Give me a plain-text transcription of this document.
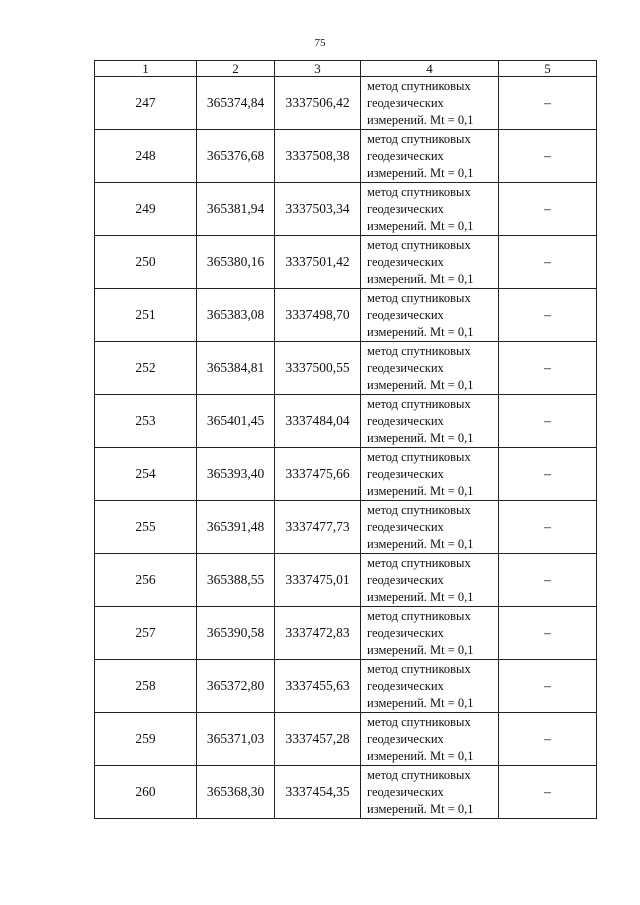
75
1	2	3	4	5
247	365374,84	3337506,42	метод спутниковых
геодезических
измерений. Mt = 0,1	–
248	365376,68	3337508,38	метод спутниковых
геодезических
измерений. Mt = 0,1	–
249	365381,94	3337503,34	метод спутниковых
геодезических
измерений. Mt = 0,1	–
250	365380,16	3337501,42	метод спутниковых
геодезических
измерений. Mt = 0,1	–
251	365383,08	3337498,70	метод спутниковых
геодезических
измерений. Mt = 0,1	–
252	365384,81	3337500,55	метод спутниковых
геодезических
измерений. Mt = 0,1	–
253	365401,45	3337484,04	метод спутниковых
геодезических
измерений. Mt = 0,1	–
254	365393,40	3337475,66	метод спутниковых
геодезических
измерений. Mt = 0,1	–
255	365391,48	3337477,73	метод спутниковых
геодезических
измерений. Mt = 0,1	–
256	365388,55	3337475,01	метод спутниковых
геодезических
измерений. Mt = 0,1	–
257	365390,58	3337472,83	метод спутниковых
геодезических
измерений. Mt = 0,1	–
258	365372,80	3337455,63	метод спутниковых
геодезических
измерений. Mt = 0,1	–
259	365371,03	3337457,28	метод спутниковых
геодезических
измерений. Mt = 0,1	–
260	365368,30	3337454,35	метод спутниковых
геодезических
измерений. Mt = 0,1	–
